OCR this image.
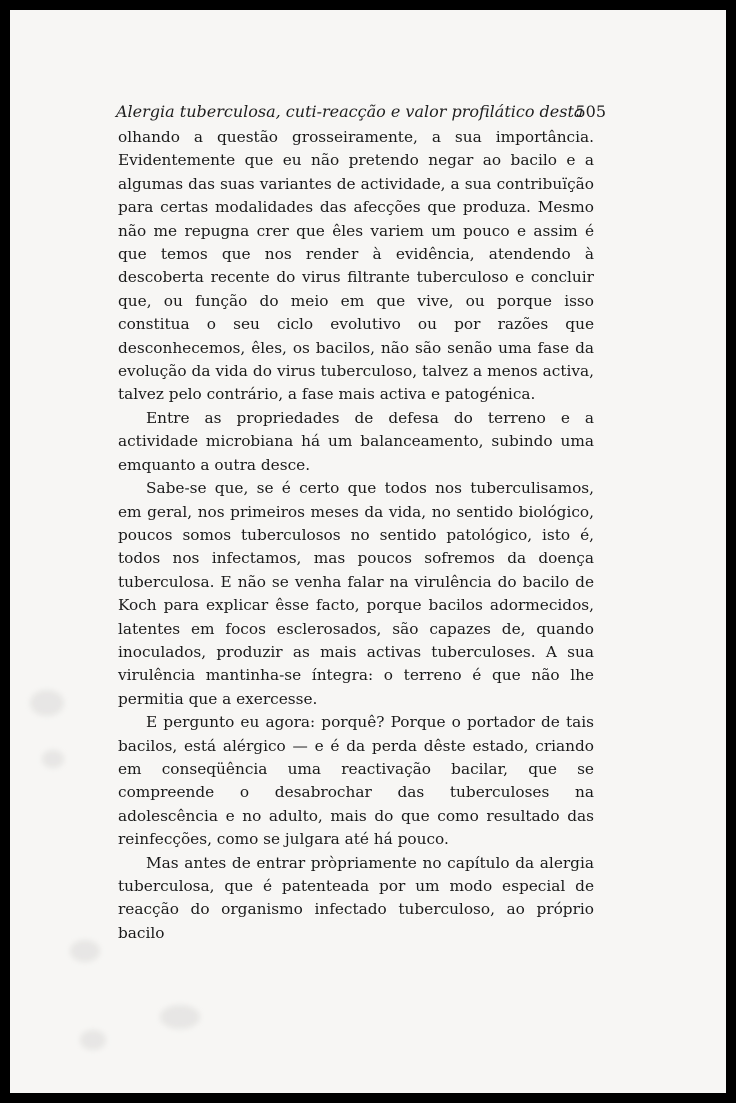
Alergia tuberculosa, cuti-reacção e valor profilático desta
505

olhando a questão grosseiramente, a sua importância. Evidentemente que eu não pretendo negar ao bacilo e a algumas das suas variantes de actividade, a sua contribuïção para certas modalidades das afecções que produza. Mesmo não me repugna crer que êles variem um pouco e assim é que temos que nos render à evidência, atendendo à descoberta recente do virus filtrante tuberculoso e concluir que, ou função do meio em que vive, ou porque isso constitua o seu ciclo evolutivo ou por razões que desconhecemos, êles, os bacilos, não são senão uma fase da evolução da vida do virus tuberculoso, talvez a menos activa, talvez pelo contrário, a fase mais activa e patogénica.

Entre as propriedades de defesa do terreno e a actividade microbiana há um balanceamento, subindo uma emquanto a outra desce.

Sabe-se que, se é certo que todos nos tuberculisamos, em geral, nos primeiros meses da vida, no sentido biológico, poucos somos tuberculosos no sentido patológico, isto é, todos nos infectamos, mas poucos sofremos da doença tuberculosa. E não se venha falar na virulência do bacilo de Koch para explicar êsse facto, porque bacilos adormecidos, latentes em focos esclerosados, são capazes de, quando inoculados, produzir as mais activas tuberculoses. A sua virulência mantinha-se íntegra: o terreno é que não lhe permitia que a exercesse.

E pergunto eu agora: porquê? Porque o portador de tais bacilos, está alérgico — e é da perda dêste estado, criando em conseqüência uma reactivação bacilar, que se compreende o desabrochar das tuberculoses na adolescência e no adulto, mais do que como resultado das reinfecções, como se julgara até há pouco.

Mas antes de entrar pròpriamente no capítulo da alergia tuberculosa, que é patenteada por um modo especial de reacção do organismo infectado tuberculoso, ao próprio bacilo
